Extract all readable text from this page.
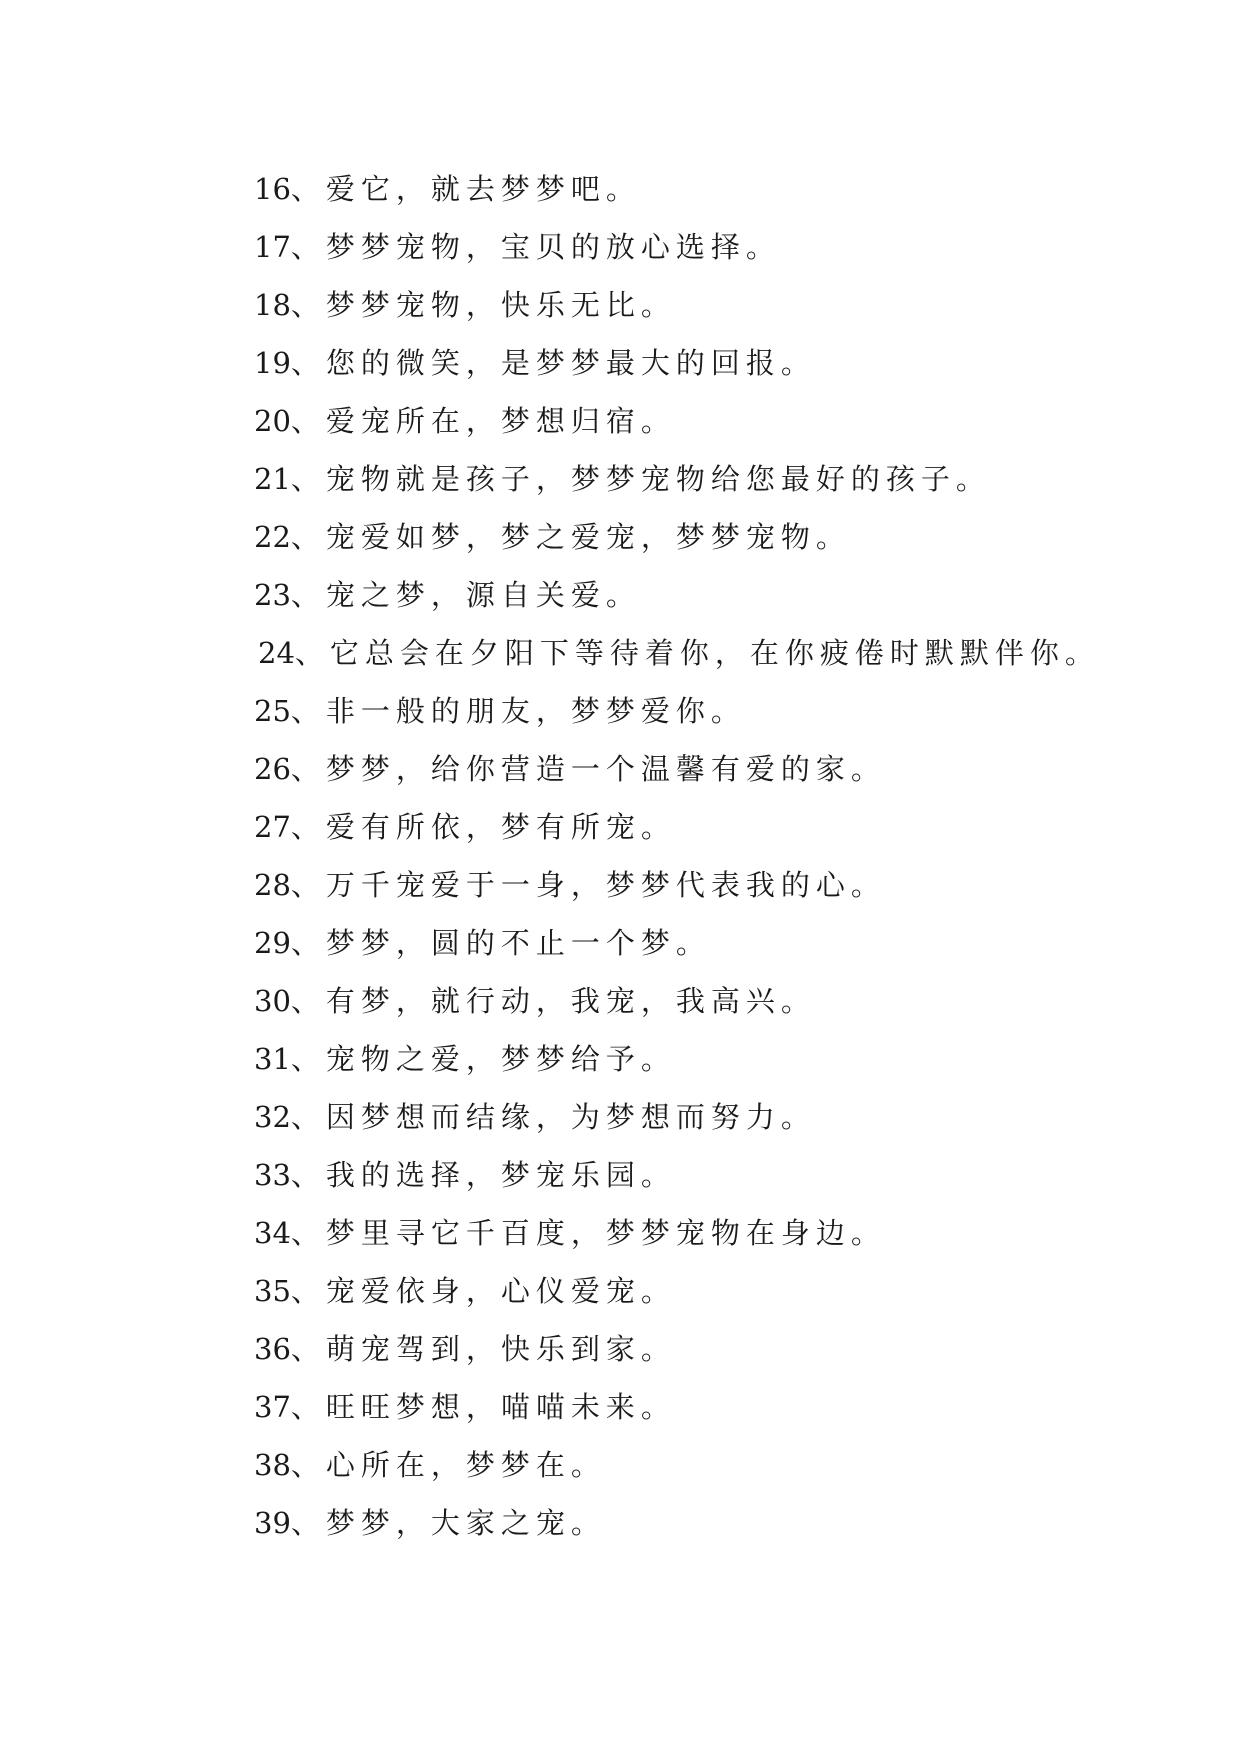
16、爱它，就去梦梦吧。
17、梦梦宠物，宝贝的放心选择。
18、梦梦宠物，快乐无比。
19、您的微笑，是梦梦最大的回报。
20、爱宠所在，梦想归宿。
21、宠物就是孩子，梦梦宠物给您最好的孩子。
22、宠爱如梦，梦之爱宠，梦梦宠物。
23、宠之梦，源自关爱。
24、它总会在夕阳下等待着你，在你疲倦时默默伴你。
25、非一般的朋友，梦梦爱你。
26、梦梦，给你营造一个温馨有爱的家。
27、爱有所依，梦有所宠。
28、万千宠爱于一身，梦梦代表我的心。
29、梦梦，圆的不止一个梦。
30、有梦，就行动，我宠，我高兴。
31、宠物之爱，梦梦给予。
32、因梦想而结缘，为梦想而努力。
33、我的选择，梦宠乐园。
34、梦里寻它千百度，梦梦宠物在身边。
35、宠爱依身，心仪爱宠。
36、萌宠驾到，快乐到家。
37、旺旺梦想，喵喵未来。
38、心所在，梦梦在。
39、梦梦，大家之宠。
